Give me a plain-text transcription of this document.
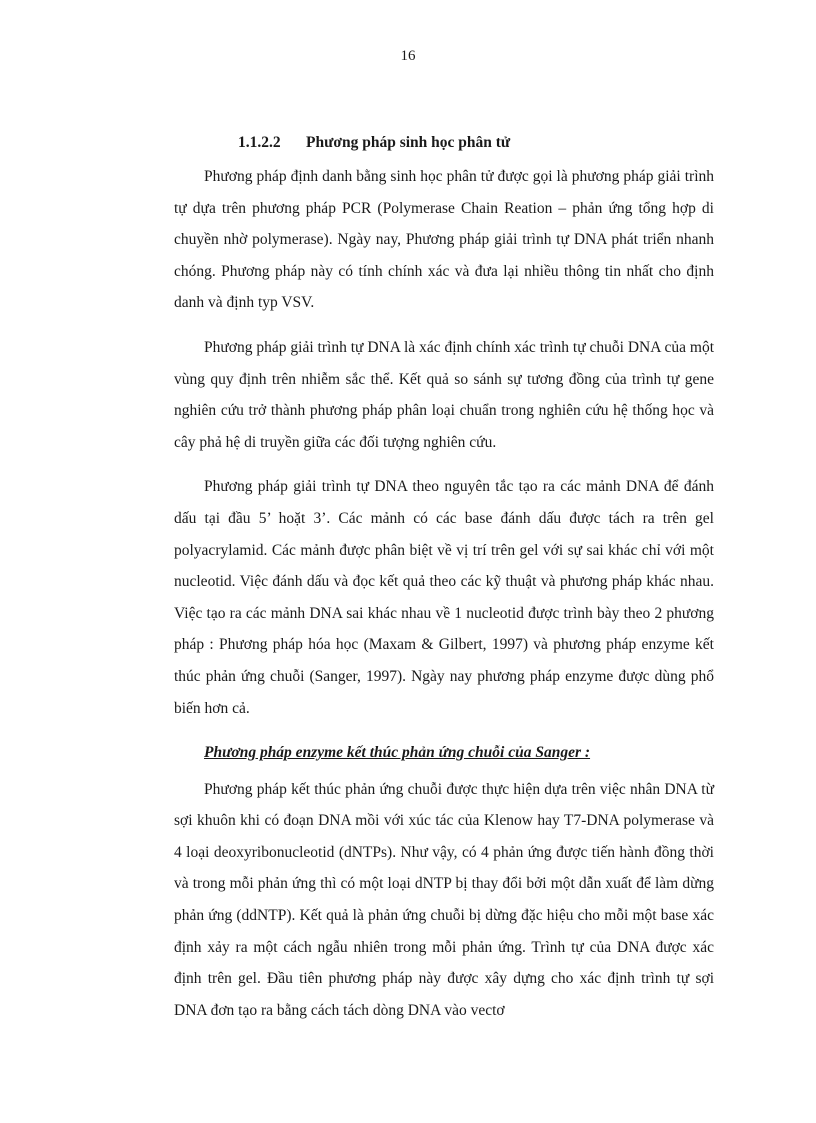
16
1.1.2.2 Phương pháp sinh học phân tử

Phương pháp định danh bằng sinh học phân tử được gọi là phương pháp giải trình tự dựa trên phương pháp PCR (Polymerase Chain Reation – phản ứng tổng hợp di chuyền nhờ polymerase). Ngày nay, Phương pháp giải trình tự DNA phát triển nhanh chóng. Phương pháp này có tính chính xác và đưa lại nhiều thông tin nhất cho định danh và định typ VSV.

Phương pháp giải trình tự DNA là xác định chính xác trình tự chuỗi DNA của một vùng quy định trên nhiễm sắc thể. Kết quả so sánh sự tương đồng của trình tự gene nghiên cứu trở thành phương pháp phân loại chuẩn trong nghiên cứu hệ thống học và cây phả hệ di truyền giữa các đối tượng nghiên cứu.

Phương pháp giải trình tự DNA theo nguyên tắc tạo ra các mảnh DNA để đánh dấu tại đầu 5’ hoặt 3’. Các mảnh có các base đánh dấu được tách ra trên gel polyacrylamid. Các mảnh được phân biệt về vị trí trên gel với sự sai khác chỉ với một nucleotid. Việc đánh dấu và đọc kết quả theo các kỹ thuật và phương pháp khác nhau. Việc tạo ra các mảnh DNA sai khác nhau về 1 nucleotid được trình bày theo 2 phương pháp : Phương pháp hóa học (Maxam & Gilbert, 1997) và phương pháp enzyme kết thúc phản ứng chuỗi (Sanger, 1997). Ngày nay phương pháp enzyme được dùng phổ biến hơn cả.

Phương pháp enzyme kết thúc phản ứng chuỗi của Sanger :

Phương pháp kết thúc phản ứng chuỗi được thực hiện dựa trên việc nhân DNA từ sợi khuôn khi có đoạn DNA mồi với xúc tác của Klenow hay T7-DNA polymerase và 4 loại deoxyribonucleotid (dNTPs). Như vậy, có 4 phản ứng được tiến hành đồng thời và trong mỗi phản ứng thì có một loại dNTP bị thay đổi bởi một dẫn xuất để làm dừng phản ứng (ddNTP). Kết quả là phản ứng chuỗi bị dừng đặc hiệu cho mỗi một base xác định xảy ra một cách ngẫu nhiên trong mỗi phản ứng. Trình tự của DNA được xác định trên gel. Đầu tiên phương pháp này được xây dựng cho xác định trình tự sợi DNA đơn tạo ra bằng cách tách dòng DNA vào vectơ
